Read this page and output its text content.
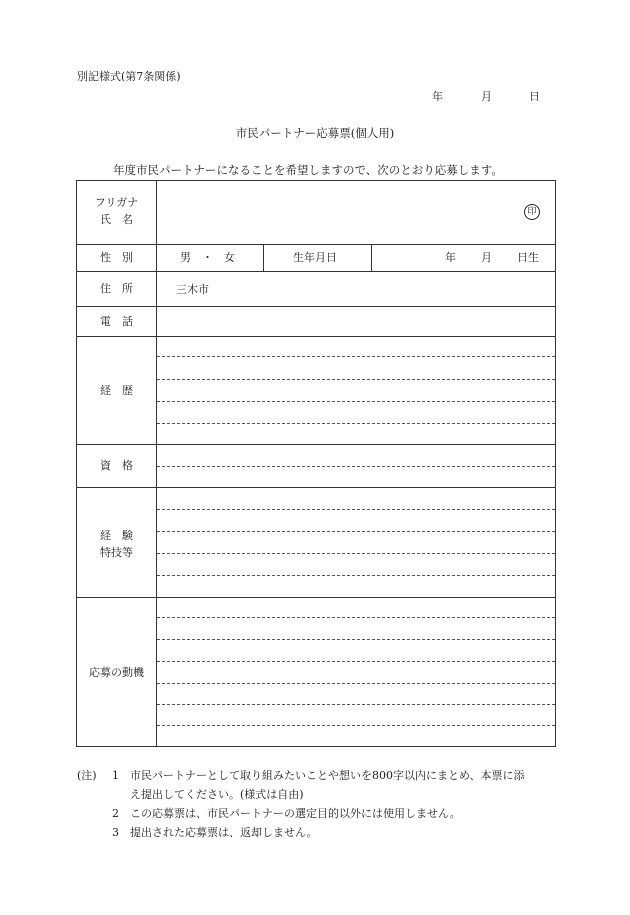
別記様式(第7条関係)
年	月	日
市民パートナー応募票(個人用)
年度市民パートナーになることを希望しますので、次のとおり応募します。
フリガナ
氏　名
印
性　別	男　・　女	生年月日	年 月 日生
住　所	三木市
電　話
経　歴
資　格
経　験
特技等
応募の動機
(注) 1 市民パートナーとして取り組みたいことや想いを800字以内にまとめ、本票に添
え提出してください。(様式は自由)
2 この応募票は、市民パートナーの選定目的以外には使用しません。
3 提出された応募票は、返却しません。
